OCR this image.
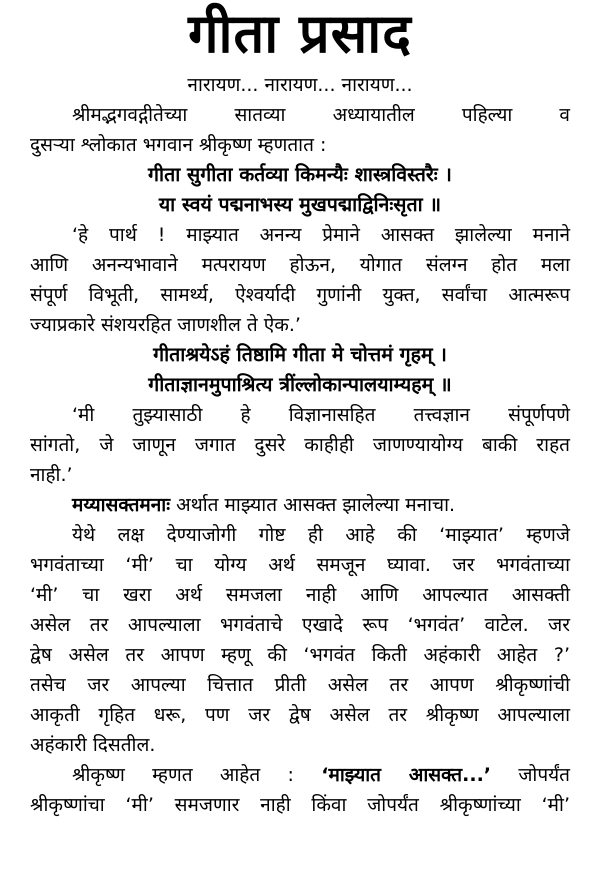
गीता प्रसाद
नारायण... नारायण... नारायण...
श्रीमद्भगवद्गीतेच्या सातव्या अध्यायातील पहिल्या व
दुसऱ्या श्लोकात भगवान श्रीकृष्ण म्हणतात :
गीता सुगीता कर्तव्या किमन्यैः शास्त्रविस्तरैः ।
या स्वयं पद्मनाभस्य मुखपद्माद्विनिःसृता ॥
‘हे पार्थ ! माझ्यात अनन्य प्रेमाने आसक्त झालेल्या मनाने
आणि अनन्यभावाने मत्परायण होऊन, योगात संलग्न होत मला
संपूर्ण विभूती, सामर्थ्य, ऐश्वर्यादी गुणांनी युक्त, सर्वांचा आत्मरूप
ज्याप्रकारे संशयरहित जाणशील ते ऐक.’
गीताश्रयेऽहं तिष्ठामि गीता मे चोत्तमं गृहम् ।
गीताज्ञानमुपाश्रित्य त्रींल्लोकान्पालयाम्यहम् ॥
‘मी तुझ्यासाठी हे विज्ञानासहित तत्त्वज्ञान संपूर्णपणे
सांगतो, जे जाणून जगात दुसरे काहीही जाणण्यायोग्य बाकी राहत
नाही.’
मय्यासक्तमनाः अर्थात माझ्यात आसक्त झालेल्या मनाचा.
येथे लक्ष देण्याजोगी गोष्ट ही आहे की ‘माझ्यात’ म्हणजे
भगवंताच्या ‘मी’ चा योग्य अर्थ समजून घ्यावा. जर भगवंताच्या
‘मी’ चा खरा अर्थ समजला नाही आणि आपल्यात आसक्ती
असेल तर आपल्याला भगवंताचे एखादे रूप ‘भगवंत’ वाटेल. जर
द्वेष असेल तर आपण म्हणू की ‘भगवंत किती अहंकारी आहेत ?’
तसेच जर आपल्या चित्तात प्रीती असेल तर आपण श्रीकृष्णांची
आकृती गृहित धरू, पण जर द्वेष असेल तर श्रीकृष्ण आपल्याला
अहंकारी दिसतील.
श्रीकृष्ण म्हणत आहेत : ‘माझ्यात आसक्त...’ जोपर्यंत
श्रीकृष्णांचा ‘मी’ समजणार नाही किंवा जोपर्यंत श्रीकृष्णांच्या ‘मी’
